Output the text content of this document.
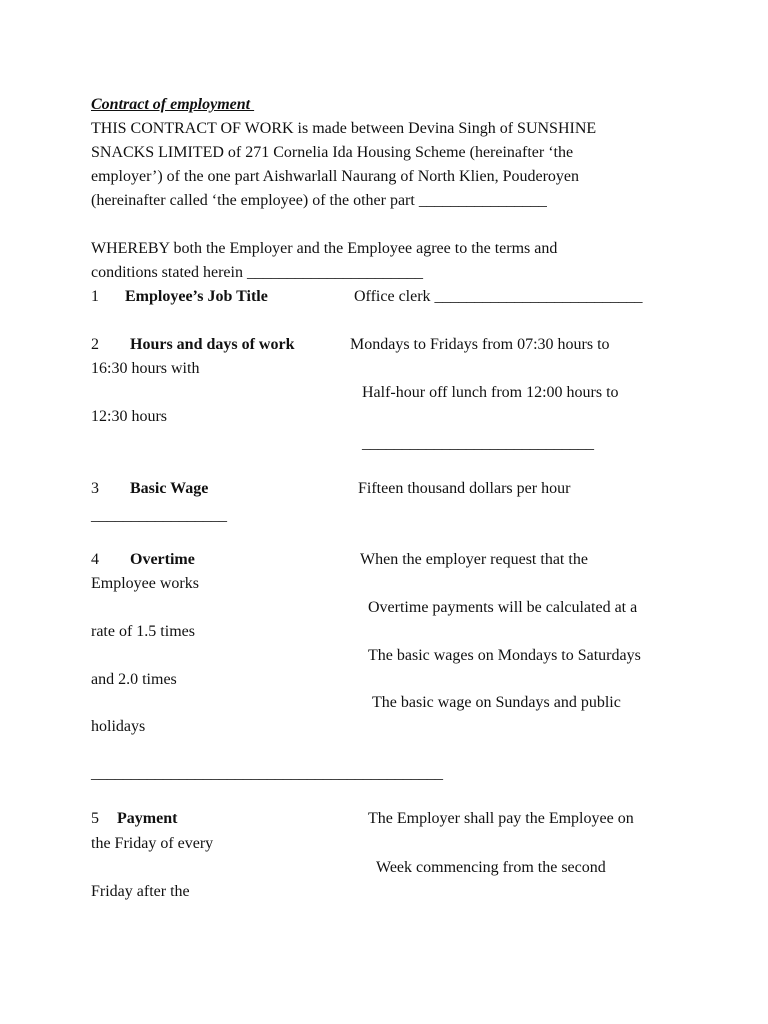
Contract of employment
THIS CONTRACT OF WORK is made between Devina Singh of SUNSHINE
SNACKS LIMITED of 271 Cornelia Ida Housing Scheme (hereinafter ‘the
employer’) of the one part Aishwarlall Naurang of North Klien, Pouderoyen
(hereinafter called ‘the employee) of the other part ________________
WHEREBY both the Employer and the Employee agree to the terms and
conditions stated herein ______________________
1 Employee’s Job Title	Office clerk __________________________
2 Hours and days of work	Mondays to Fridays from 07:30 hours to
16:30 hours with
Half-hour off lunch from 12:00 hours to
12:30 hours
_____________________________
3 Basic Wage	Fifteen thousand dollars per hour
_________________
4 Overtime	When the employer request that the
Employee works
Overtime payments will be calculated at a
rate of 1.5 times
The basic wages on Mondays to Saturdays
and 2.0 times
The basic wage on Sundays and public
holidays
____________________________________________
5 Payment	The Employer shall pay the Employee on
the Friday of every
Week commencing from the second
Friday after the
